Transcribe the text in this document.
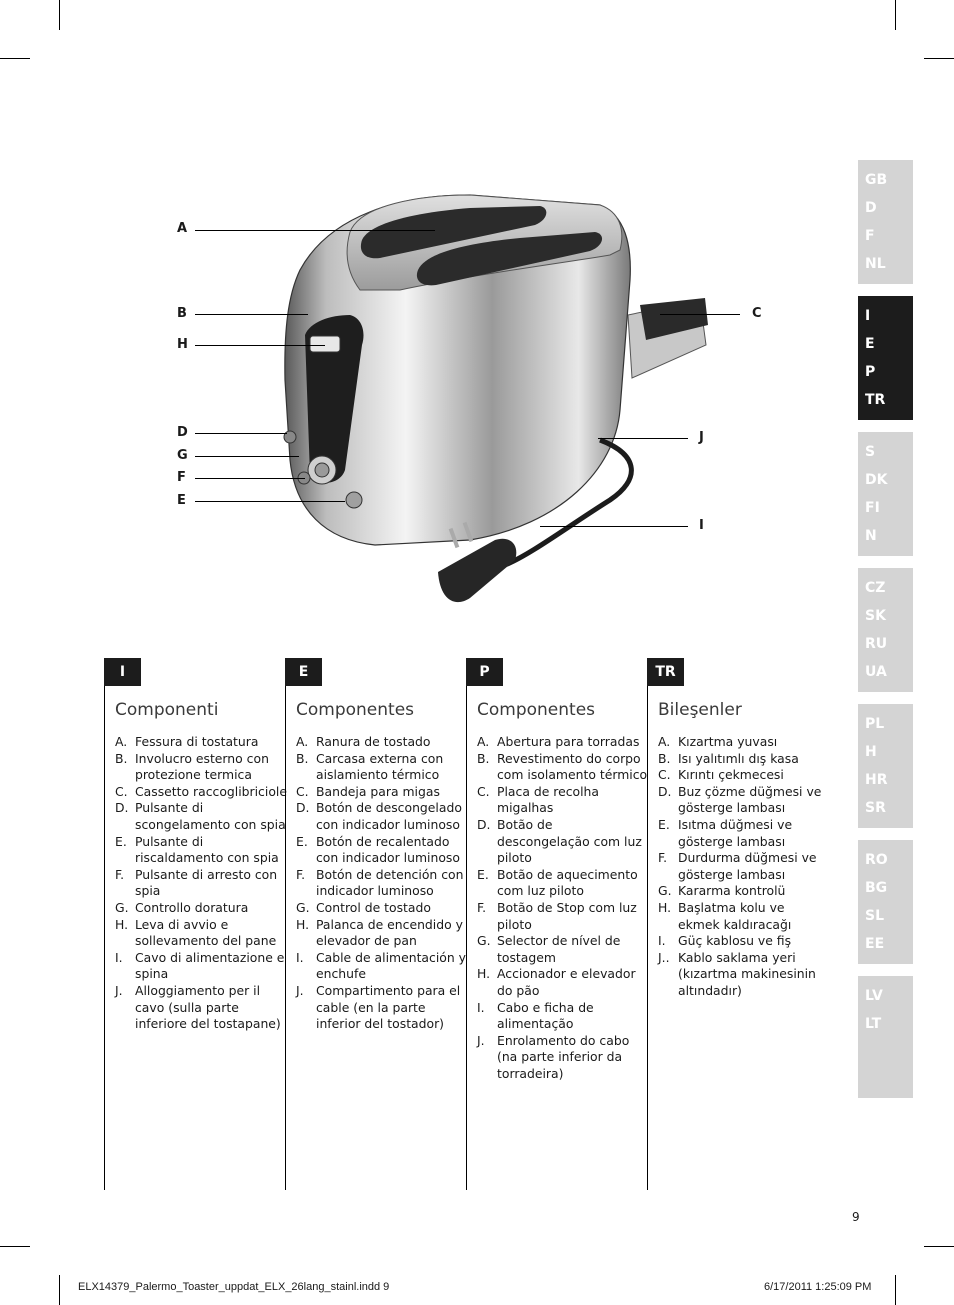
A
B
H
D
G
F
E
C
J
I
GB
D
F
NL
I
E
P
TR
S
DK
FI
N
CZ
SK
RU
UA
PL
H
HR
SR
RO
BG
SL
EE
LV
LT
I
Componenti
A. Fessura di tostatura
B. Involucro esterno con protezione termica
C. Cassetto raccoglibriciole
D. Pulsante di scongelamento con spia
E. Pulsante di riscaldamento con spia
F. Pulsante di arresto con spia
G. Controllo doratura
H. Leva di avvio e sollevamento del pane
I. Cavo di alimentazione e spina
J. Alloggiamento per il cavo (sulla parte inferiore del tostapane)
E
Componentes
A. Ranura de tostado
B. Carcasa externa con aislamiento térmico
C. Bandeja para migas
D. Botón de descongelado con indicador luminoso
E. Botón de recalentado con indicador luminoso
F. Botón de detención con indicador luminoso
G. Control de tostado
H. Palanca de encendido y elevador de pan
I. Cable de alimentación y enchufe
J. Compartimento para el cable (en la parte inferior del tostador)
P
Componentes
A. Abertura para torradas
B. Revestimento do corpo com isolamento térmico
C. Placa de recolha migalhas
D. Botão de descongelação com luz piloto
E. Botão de aquecimento com luz piloto
F. Botão de Stop com luz piloto
G. Selector de nível de tostagem
H. Accionador e elevador do pão
I. Cabo e ficha de alimentação
J. Enrolamento do cabo (na parte inferior da torradeira)
TR
Bileşenler
A. Kızartma yuvası
B. Isı yalıtımlı dış kasa
C. Kırıntı çekmecesi
D. Buz çözme düğmesi ve gösterge lambası
E. Isıtma düğmesi ve gösterge lambası
F. Durdurma düğmesi ve gösterge lambası
G. Kararma kontrolü
H. Başlatma kolu ve ekmek kaldıracağı
I. Güç kablosu ve fiş
J.. Kablo saklama yeri (kızartma makinesinin altındadır)
9
ELX14379_Palermo_Toaster_uppdat_ELX_26lang_stainl.indd 9	6/17/2011 1:25:09 PM
